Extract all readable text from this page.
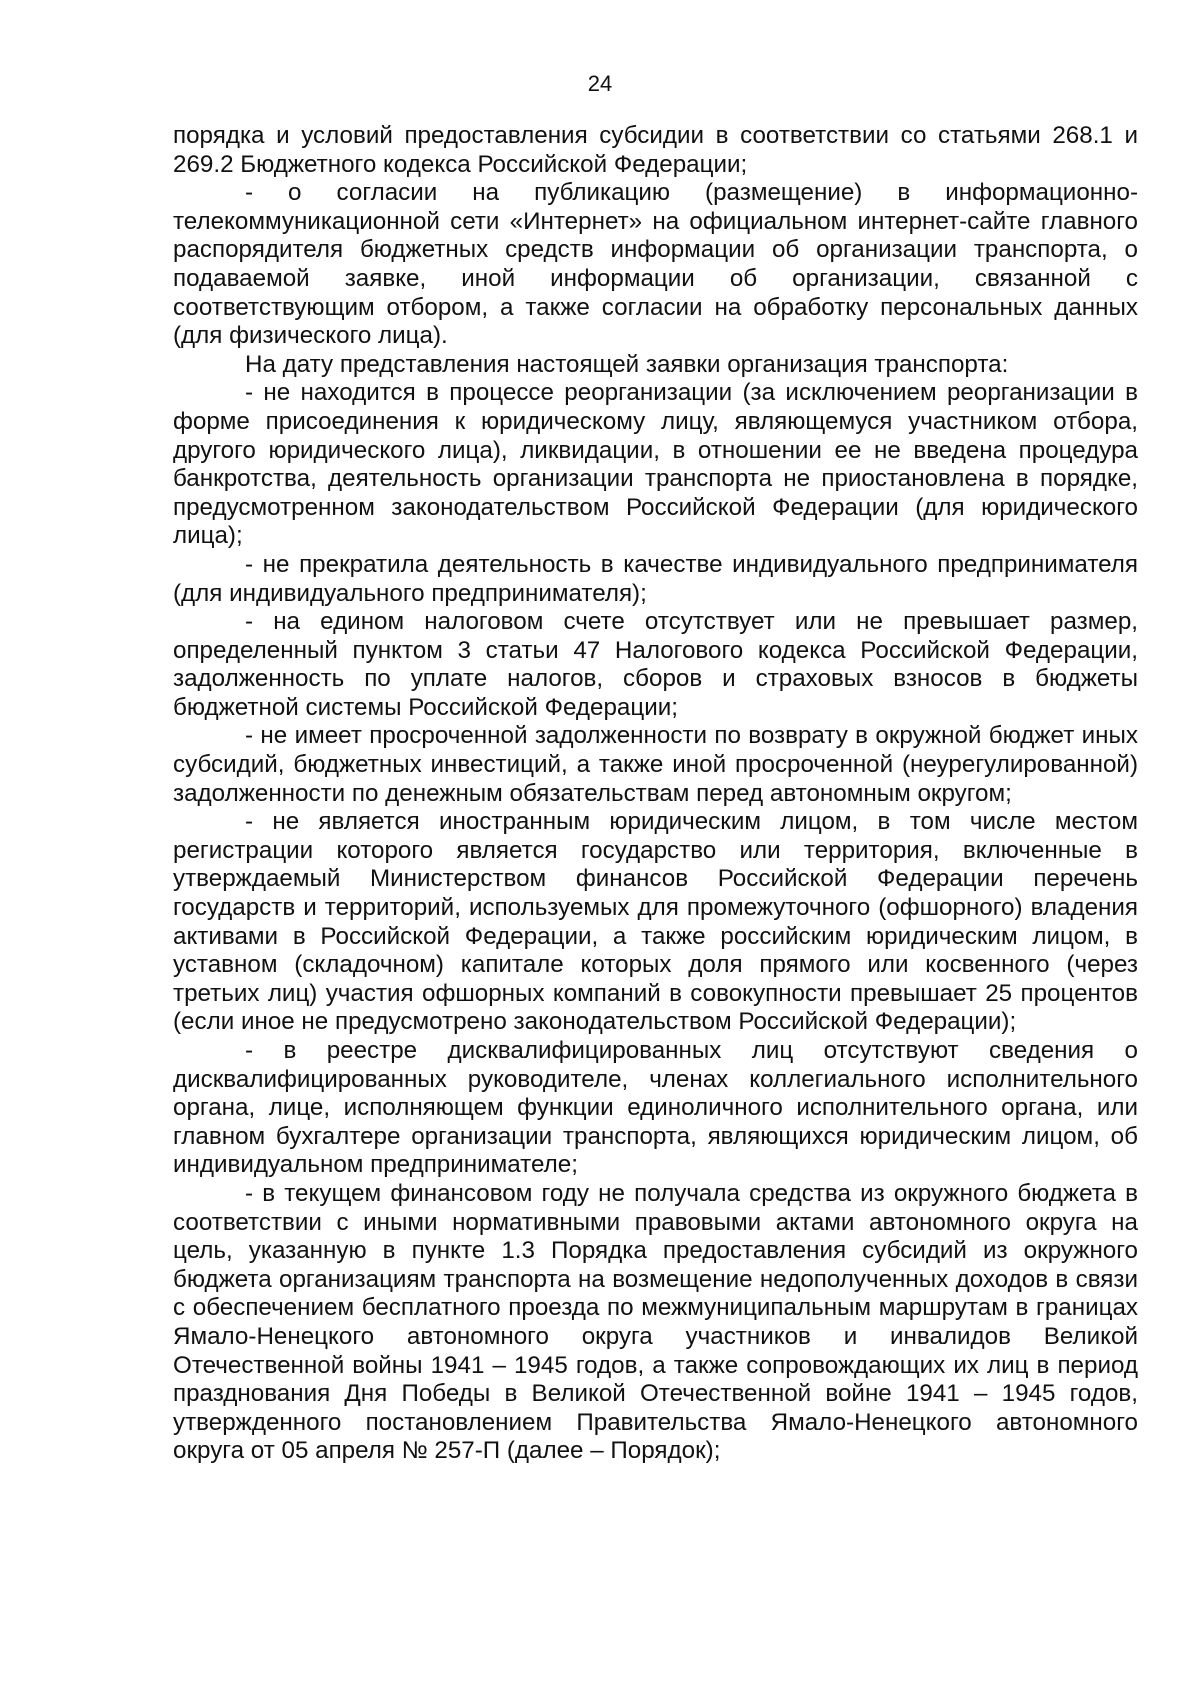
24

порядка и условий предоставления субсидии в соответствии со статьями 268.1 и 269.2 Бюджетного кодекса Российской Федерации;

- о согласии на публикацию (размещение) в информационно-телекоммуникационной сети «Интернет» на официальном интернет-сайте главного распорядителя бюджетных средств информации об организации транспорта, о подаваемой заявке, иной информации об организации, связанной с соответствующим отбором, а также согласии на обработку персональных данных (для физического лица).

На дату представления настоящей заявки организация транспорта:

- не находится в процессе реорганизации (за исключением реорганизации в форме присоединения к юридическому лицу, являющемуся участником отбора, другого юридического лица), ликвидации, в отношении ее не введена процедура банкротства, деятельность организации транспорта не приостановлена в порядке, предусмотренном законодательством Российской Федерации (для юридического лица);

- не прекратила деятельность в качестве индивидуального предпринимателя (для индивидуального предпринимателя);

- на едином налоговом счете отсутствует или не превышает размер, определенный пунктом 3 статьи 47 Налогового кодекса Российской Федерации, задолженность по уплате налогов, сборов и страховых взносов в бюджеты бюджетной системы Российской Федерации;

- не имеет просроченной задолженности по возврату в окружной бюджет иных субсидий, бюджетных инвестиций, а также иной просроченной (неурегулированной) задолженности по денежным обязательствам перед автономным округом;

- не является иностранным юридическим лицом, в том числе местом регистрации которого является государство или территория, включенные в утверждаемый Министерством финансов Российской Федерации перечень государств и территорий, используемых для промежуточного (офшорного) владения активами в Российской Федерации, а также российским юридическим лицом, в уставном (складочном) капитале которых доля прямого или косвенного (через третьих лиц) участия офшорных компаний в совокупности превышает 25 процентов (если иное не предусмотрено законодательством Российской Федерации);

- в реестре дисквалифицированных лиц отсутствуют сведения о дисквалифицированных руководителе, членах коллегиального исполнительного органа, лице, исполняющем функции единоличного исполнительного органа, или главном бухгалтере организации транспорта, являющихся юридическим лицом, об индивидуальном предпринимателе;

- в текущем финансовом году не получала средства из окружного бюджета в соответствии с иными нормативными правовыми актами автономного округа на цель, указанную в пункте 1.3 Порядка предоставления субсидий из окружного бюджета организациям транспорта на возмещение недополученных доходов в связи с обеспечением бесплатного проезда по межмуниципальным маршрутам в границах Ямало-Ненецкого автономного округа участников и инвалидов Великой Отечественной войны 1941 – 1945 годов, а также сопровождающих их лиц в период празднования Дня Победы в Великой Отечественной войне 1941 – 1945 годов, утвержденного постановлением Правительства Ямало-Ненецкого автономного округа от 05 апреля № 257-П (далее – Порядок);
